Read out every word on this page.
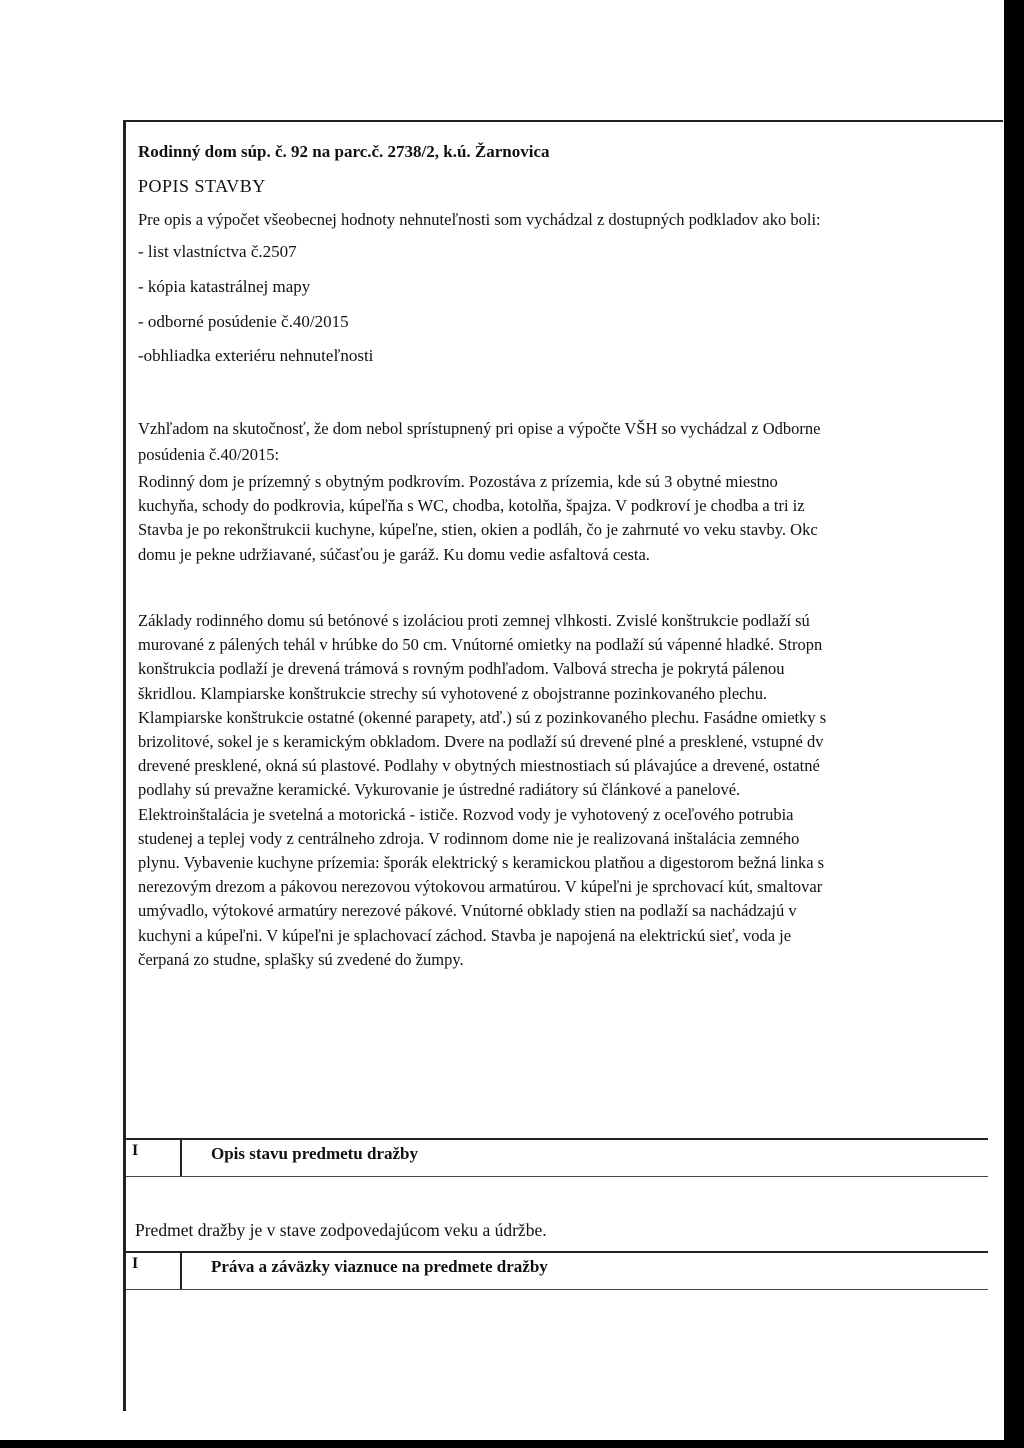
Rodinný dom súp. č. 92 na parc.č. 2738/2, k.ú. Žarnovica
POPIS STAVBY
Pre opis a výpočet všeobecnej hodnoty nehnuteľnosti som vychádzal z dostupných podkladov ako boli:
- list vlastníctva č.2507
- kópia katastrálnej mapy
- odborné posúdenie č.40/2015
-obhliadka exteriéru nehnuteľnosti
Vzhľadom na skutočnosť, že dom nebol sprístupnený pri opise a výpočte VŠH so vychádzal z Odborne
posúdenia č.40/2015:
Rodinný dom je prízemný s obytným podkrovím. Pozostáva z prízemia, kde sú 3 obytné miestno
kuchyňa, schody do podkrovia, kúpeľňa s WC, chodba, kotolňa, špajza. V podkroví je chodba a tri iz
Stavba je po rekonštrukcii kuchyne, kúpeľne, stien, okien a podláh, čo je zahrnuté vo veku stavby. Okc
domu je pekne udržiavané, súčasťou je garáž. Ku domu vedie asfaltová cesta.
Základy rodinného domu sú betónové s izoláciou proti zemnej vlhkosti. Zvislé konštrukcie podlaží sú
murované z pálených tehál v hrúbke do 50 cm. Vnútorné omietky na podlaží sú vápenné hladké. Stropn
konštrukcia podlaží je drevená trámová s rovným podhľadom. Valbová strecha je pokrytá pálenou
škridlou. Klampiarske konštrukcie strechy sú vyhotovené z obojstranne pozinkovaného plechu.
Klampiarske konštrukcie ostatné (okenné parapety, atď.) sú z pozinkovaného plechu. Fasádne omietky s
brizolitové, sokel je s keramickým obkladom. Dvere na podlaží sú drevené plné a presklené, vstupné dv
drevené presklené, okná sú plastové. Podlahy v obytných miestnostiach sú plávajúce a drevené, ostatné
podlahy sú prevažne keramické. Vykurovanie je ústredné radiátory sú článkové a panelové.
Elektroinštalácia je svetelná a motorická - ističe. Rozvod vody je vyhotovený z oceľového potrubia
studenej a teplej vody z centrálneho zdroja. V rodinnom dome nie je realizovaná inštalácia zemného
plynu. Vybavenie kuchyne prízemia: šporák elektrický s keramickou platňou a digestorom bežná linka s
nerezovým drezom a pákovou nerezovou výtokovou armatúrou. V kúpeľni je sprchovací kút, smaltovar
umývadlo, výtokové armatúry nerezové pákové. Vnútorné obklady stien na podlaží sa nachádzajú v
kuchyni a kúpeľni. V kúpeľni je splachovací záchod. Stavba je napojená na elektrickú sieť, voda je
čerpaná zo studne, splašky sú zvedené do žumpy.
I	Opis stavu predmetu dražby
Predmet dražby je v stave zodpovedajúcom veku a údržbe.
I	Práva a záväzky viaznuce na predmete dražby
